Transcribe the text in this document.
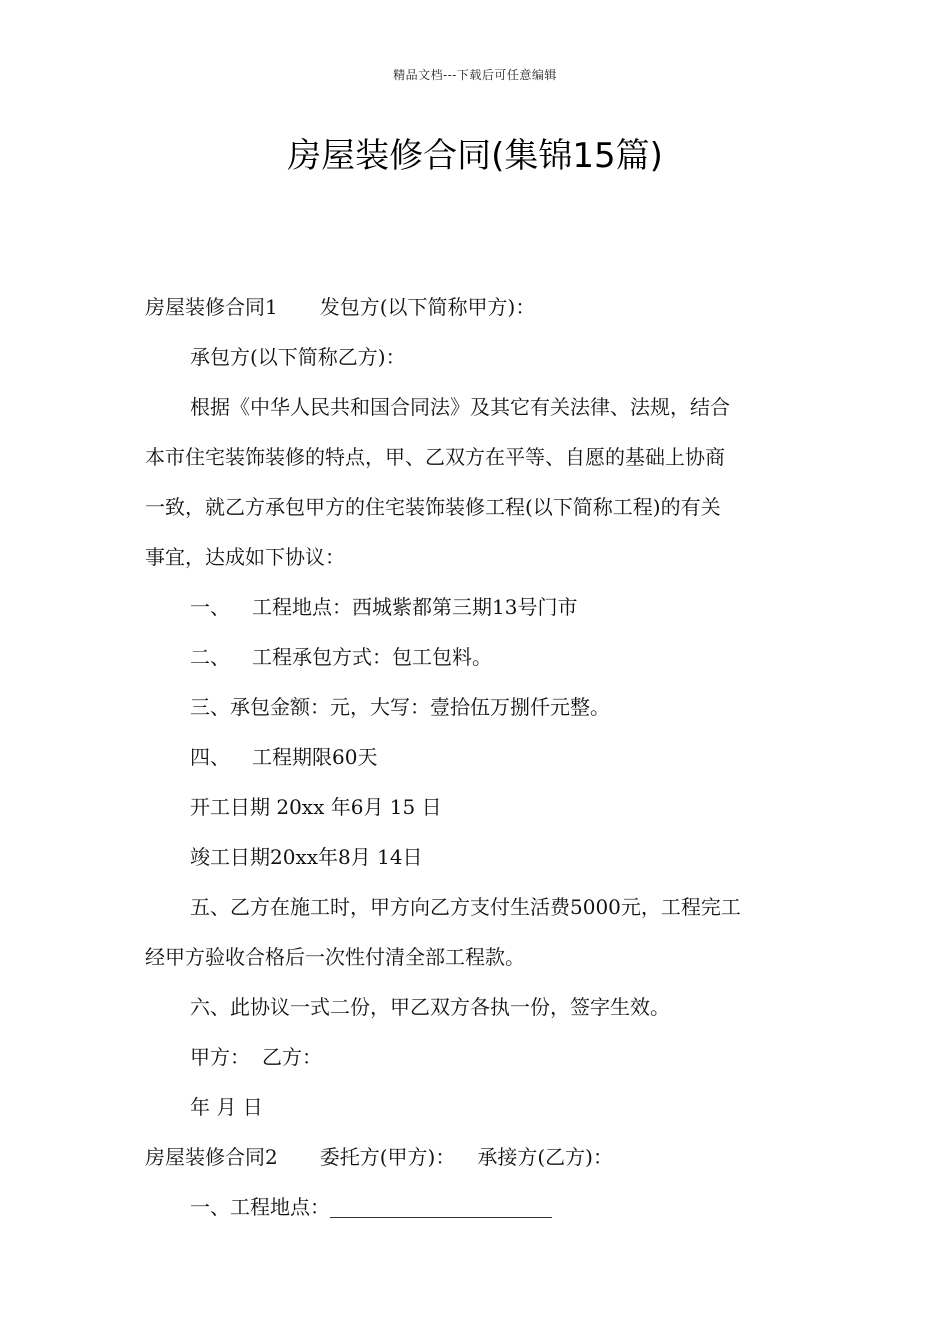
精品文档---下载后可任意编辑
房屋装修合同(集锦15篇)
房屋装修合同1 发包方(以下简称甲方)：
承包方(以下简称乙方)：
根据《中华人民共和国合同法》及其它有关法律、法规，结合
本市住宅装饰装修的特点，甲、乙双方在平等、自愿的基础上协商
一致，就乙方承包甲方的住宅装饰装修工程(以下简称工程)的有关
事宜，达成如下协议：
一、 工程地点：西城紫都第三期13号门市
二、 工程承包方式：包工包料。
三、承包金额：元，大写：壹拾伍万捌仟元整。
四、 工程期限60天
开工日期 20xx 年6月 15 日
竣工日期20xx年8月 14日
五、乙方在施工时，甲方向乙方支付生活费5000元，工程完工
经甲方验收合格后一次性付清全部工程款。
六、此协议一式二份，甲乙双方各执一份，签字生效。
甲方： 乙方：
年 月 日
房屋装修合同2 委托方(甲方)： 承接方(乙方)：
一、工程地点：
